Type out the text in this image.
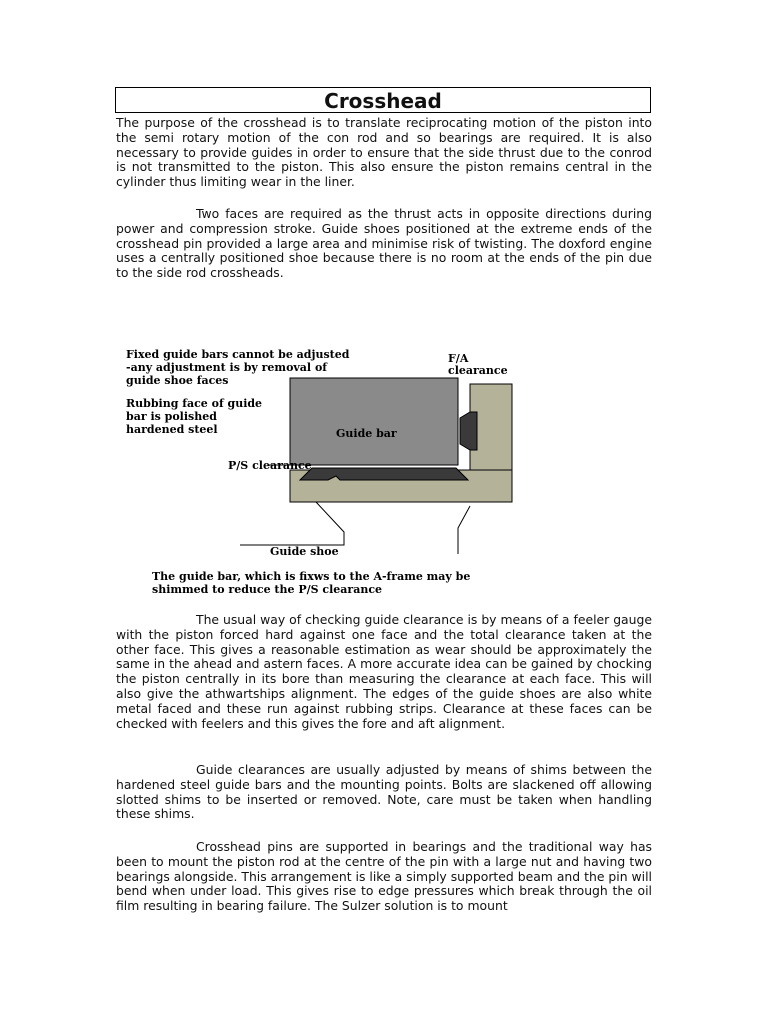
Crosshead

The purpose of the crosshead is to translate reciprocating motion of the piston into the semi rotary motion of the con rod and so bearings are required. It is also necessary to provide guides in order to ensure that the side thrust due to the conrod is not transmitted to the piston. This also ensure the piston remains central in the cylinder thus limiting wear in the liner.

Two faces are required as the thrust acts in opposite directions during power and compression stroke. Guide shoes positioned at the extreme ends of the crosshead pin provided a large area and minimise risk of twisting. The doxford engine uses a centrally positioned shoe because there is no room at the ends of the pin due to the side rod crossheads.

Fixed guide bars cannot be adjusted
-any adjustment is by removal of
guide shoe faces
Rubbing face of guide
bar is polished
hardened steel
F/A
clearance
Guide bar
P/S clearance
Guide shoe
The guide bar, which is fixws to the A-frame may be
shimmed to reduce the P/S clearance

The usual way of checking guide clearance is by means of a feeler gauge with the piston forced hard against one face and the total clearance taken at the other face. This gives a reasonable estimation as wear should be approximately the same in the ahead and astern faces. A more accurate idea can be gained by chocking the piston centrally in its bore than measuring the clearance at each face. This will also give the athwartships alignment. The edges of the guide shoes are also white metal faced and these run against rubbing strips. Clearance at these faces can be checked with feelers and this gives the fore and aft alignment.

Guide clearances are usually adjusted by means of shims between the hardened steel guide bars and the mounting points. Bolts are slackened off allowing slotted shims to be inserted or removed. Note, care must be taken when handling these shims.

Crosshead pins are supported in bearings and the traditional way has been to mount the piston rod at the centre of the pin with a large nut and having two bearings alongside. This arrangement is like a simply supported beam and the pin will bend when under load. This gives rise to edge pressures which break through the oil film resulting in bearing failure. The Sulzer solution is to mount
